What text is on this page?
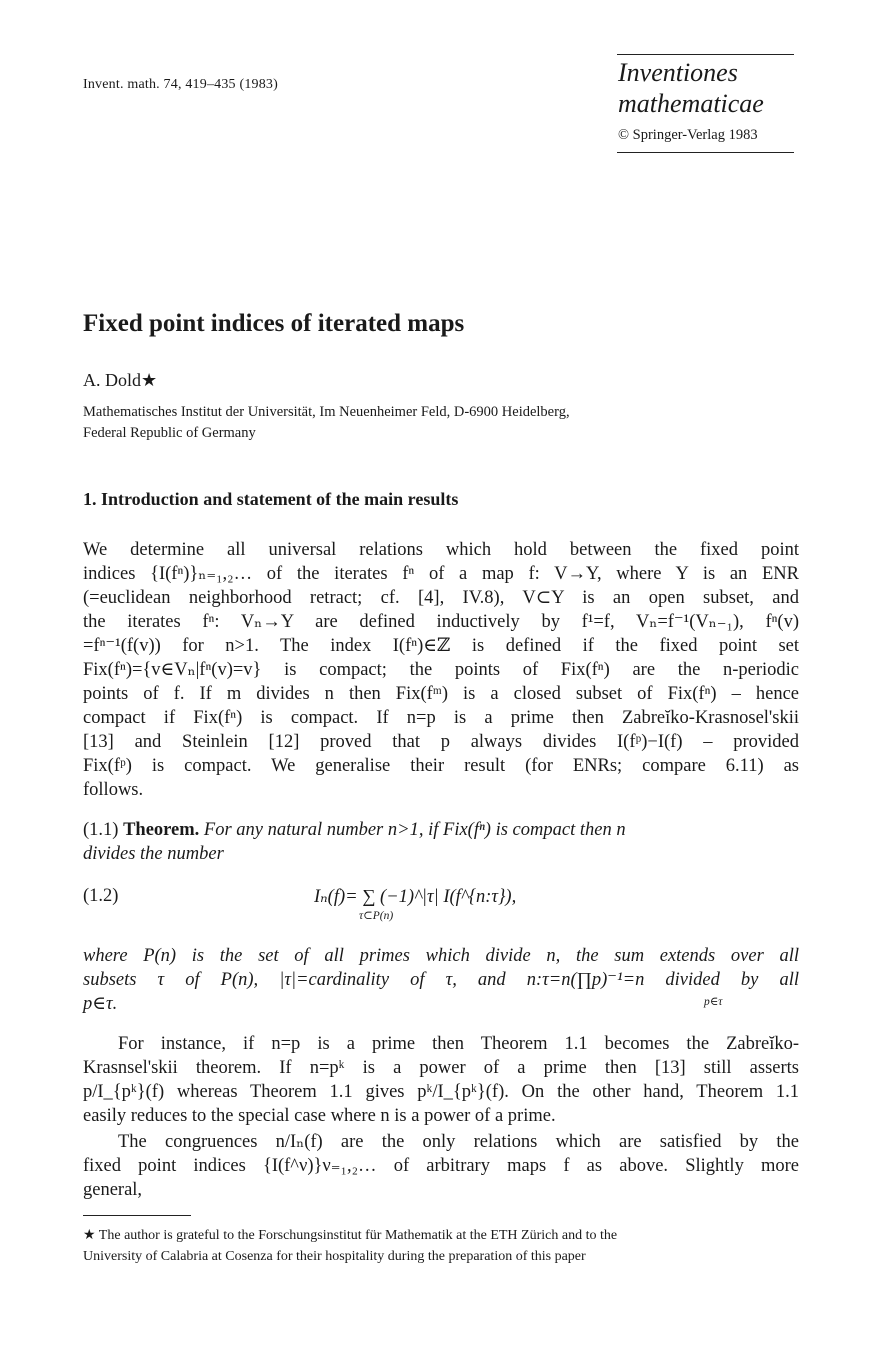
Invent. math. 74, 419–435 (1983)	Inventiones
mathematicae
© Springer-Verlag 1983
Fixed point indices of iterated maps
A. Dold★
Mathematisches Institut der Universität, Im Neuenheimer Feld, D-6900 Heidelberg,
Federal Republic of Germany
1. Introduction and statement of the main results
We determine all universal relations which hold between the fixed point
indices {I(fⁿ)}ₙ₌₁,₂… of the iterates fⁿ of a map f: V→Y, where Y is an ENR
(=euclidean neighborhood retract; cf. [4], IV.8), V⊂Y is an open subset, and
the iterates fⁿ: Vₙ→Y are defined inductively by f¹=f, Vₙ=f⁻¹(Vₙ₋₁), fⁿ(v)
=fⁿ⁻¹(f(v)) for n>1. The index I(fⁿ)∈ℤ is defined if the fixed point set
Fix(fⁿ)={v∈Vₙ|fⁿ(v)=v} is compact; the points of Fix(fⁿ) are the n-periodic
points of f. If m divides n then Fix(fᵐ) is a closed subset of Fix(fⁿ) – hence
compact if Fix(fⁿ) is compact. If n=p is a prime then Zabreĭko-Krasnosel'skii
[13] and Steinlein [12] proved that p always divides I(fᵖ)−I(f) – provided
Fix(fᵖ) is compact. We generalise their result (for ENRs; compare 6.11) as
follows.
(1.1) Theorem. For any natural number n>1, if Fix(fⁿ) is compact then n
divides the number
(1.2)	Iₙ(f)= ∑ (−1)^|τ| I(f^{n:τ}),
τ⊂P(n)
where P(n) is the set of all primes which divide n, the sum extends over all
subsets τ of P(n), |τ|=cardinality of τ, and n:τ=n(∏p)⁻¹=n divided by all
p∈τ.	p∈τ
For instance, if n=p is a prime then Theorem 1.1 becomes the Zabreĭko-
Krasnsel'skii theorem. If n=pᵏ is a power of a prime then [13] still asserts
p/I_{pᵏ}(f) whereas Theorem 1.1 gives pᵏ/I_{pᵏ}(f). On the other hand, Theorem 1.1
easily reduces to the special case where n is a power of a prime.
The congruences n/Iₙ(f) are the only relations which are satisfied by the
fixed point indices {I(f^ν)}ν₌₁,₂… of arbitrary maps f as above. Slightly more
general,
★ The author is grateful to the Forschungsinstitut für Mathematik at the ETH Zürich and to the
University of Calabria at Cosenza for their hospitality during the preparation of this paper
